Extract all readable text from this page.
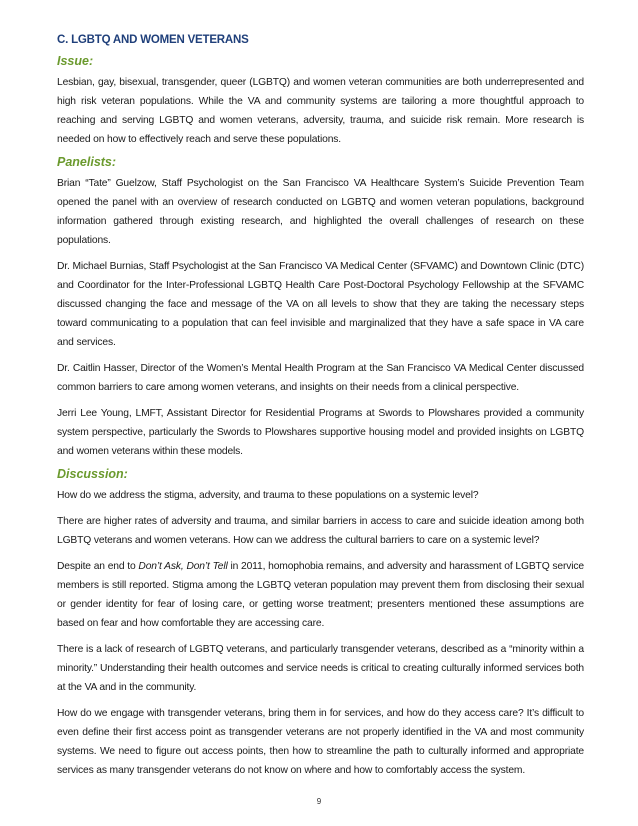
C. LGBTQ AND WOMEN VETERANS
Issue:

Lesbian, gay, bisexual, transgender, queer (LGBTQ) and women veteran communities are both underrepresented and high risk veteran populations. While the VA and community systems are tailoring a more thoughtful approach to reaching and serving LGBTQ and women veterans, adversity, trauma, and suicide risk remain. More research is needed on how to effectively reach and serve these populations.

Panelists:

Brian “Tate” Guelzow, Staff Psychologist on the San Francisco VA Healthcare System’s Suicide Prevention Team opened the panel with an overview of research conducted on LGBTQ and women veteran populations, background information gathered through existing research, and highlighted the overall challenges of research on these populations.

Dr. Michael Burnias, Staff Psychologist at the San Francisco VA Medical Center (SFVAMC) and Downtown Clinic (DTC) and Coordinator for the Inter-Professional LGBTQ Health Care Post-Doctoral Psychology Fellowship at the SFVAMC discussed changing the face and message of the VA on all levels to show that they are taking the necessary steps toward communicating to a population that can feel invisible and marginalized that they have a safe space in VA care and services.

Dr. Caitlin Hasser, Director of the Women’s Mental Health Program at the San Francisco VA Medical Center discussed common barriers to care among women veterans, and insights on their needs from a clinical perspective.

Jerri Lee Young, LMFT, Assistant Director for Residential Programs at Swords to Plowshares provided a community system perspective, particularly the Swords to Plowshares supportive housing model and provided insights on LGBTQ and women veterans within these models.

Discussion:

How do we address the stigma, adversity, and trauma to these populations on a systemic level?

There are higher rates of adversity and trauma, and similar barriers in access to care and suicide ideation among both LGBTQ veterans and women veterans. How can we address the cultural barriers to care on a systemic level?

Despite an end to Don’t Ask, Don’t Tell in 2011, homophobia remains, and adversity and harassment of LGBTQ service members is still reported. Stigma among the LGBTQ veteran population may prevent them from disclosing their sexual or gender identity for fear of losing care, or getting worse treatment; presenters mentioned these assumptions are based on fear and how comfortable they are accessing care.

There is a lack of research of LGBTQ veterans, and particularly transgender veterans, described as a “minority within a minority.” Understanding their health outcomes and service needs is critical to creating culturally informed services both at the VA and in the community.

How do we engage with transgender veterans, bring them in for services, and how do they access care? It’s difficult to even define their first access point as transgender veterans are not properly identified in the VA and most community systems. We need to figure out access points, then how to streamline the path to culturally informed and appropriate services as many transgender veterans do not know on where and how to comfortably access the system.

9
